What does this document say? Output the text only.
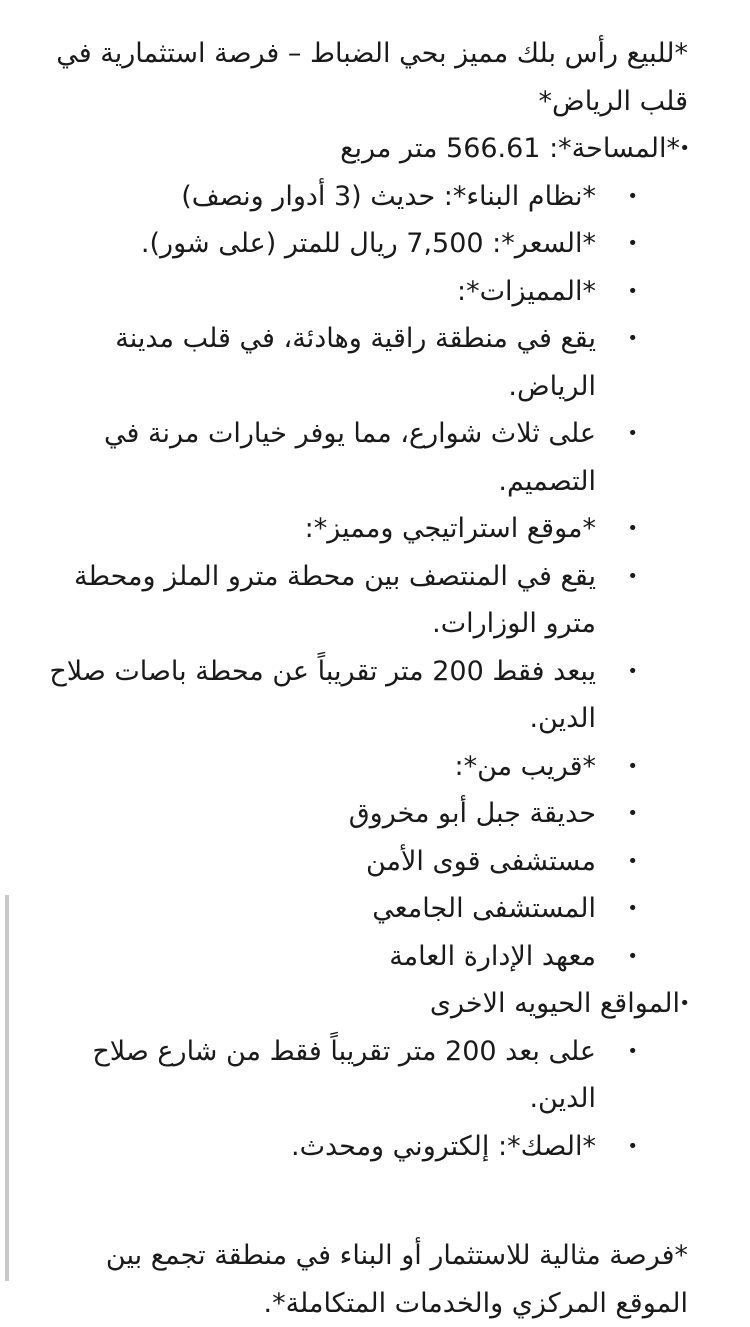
*للبيع رأس بلك مميز بحي الضباط – فرصة استثمارية في قلب الرياض*

•
*المساحة*: 566.61 متر مربع
•
*نظام البناء*: حديث (3 أدوار ونصف)
•
*السعر*: 7,500 ريال للمتر (على شور).
•
*المميزات*:
•
يقع في منطقة راقية وهادئة، في قلب مدينة الرياض.
•
على ثلاث شوارع، مما يوفر خيارات مرنة في التصميم.
•
*موقع استراتيجي ومميز*:
•
يقع في المنتصف بين محطة مترو الملز ومحطة مترو الوزارات.
•
يبعد فقط 200 متر تقريباً عن محطة باصات صلاح الدين.
•
*قريب من*:
•
حديقة جبل أبو مخروق
•
مستشفى قوى الأمن
•
المستشفى الجامعي
•
معهد الإدارة العامة
•
المواقع الحيويه الاخرى
•
على بعد 200 متر تقريباً فقط من شارع صلاح الدين.
•
*الصك*: إلكتروني ومحدث.

*فرصة مثالية للاستثمار أو البناء في منطقة تجمع بين الموقع المركزي والخدمات المتكاملة*.
